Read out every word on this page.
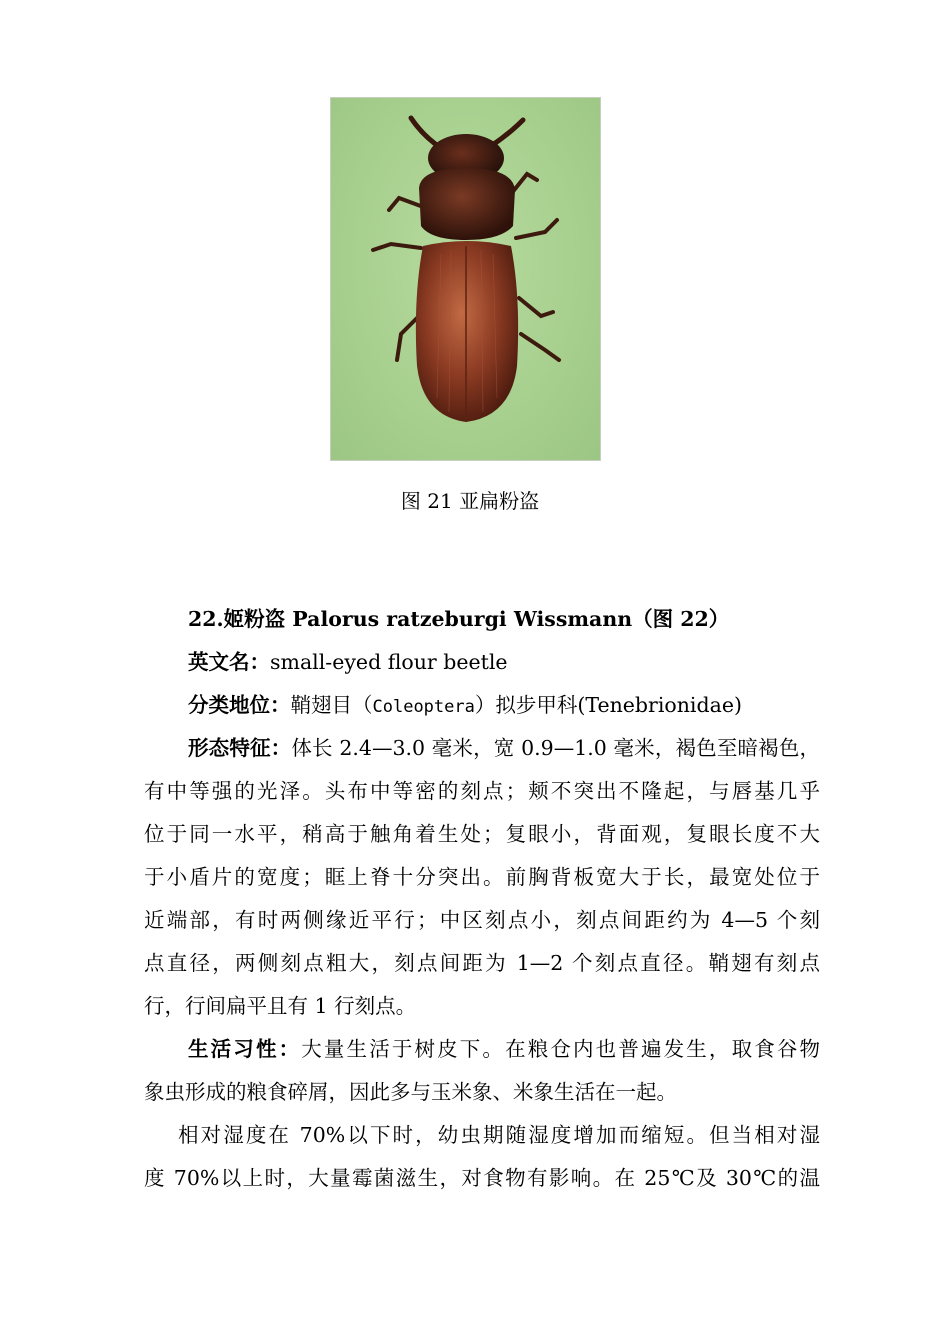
图 21 亚扁粉盗
22.姬粉盗 Palorus ratzeburgi Wissmann（图 22）
英文名：small-eyed flour beetle
分类地位：鞘翅目（Coleoptera）拟步甲科(Tenebrionidae)
形态特征：体长 2.4—3.0 毫米，宽 0.9—1.0 毫米，褐色至暗褐色，
有中等强的光泽。头布中等密的刻点；颊不突出不隆起，与唇基几乎
位于同一水平，稍高于触角着生处；复眼小，背面观，复眼长度不大
于小盾片的宽度；眶上脊十分突出。前胸背板宽大于长，最宽处位于
近端部，有时两侧缘近平行；中区刻点小，刻点间距约为 4—5 个刻
点直径，两侧刻点粗大，刻点间距为 1—2 个刻点直径。鞘翅有刻点
行，行间扁平且有 1 行刻点。
生活习性：大量生活于树皮下。在粮仓内也普遍发生，取食谷物
象虫形成的粮食碎屑，因此多与玉米象、米象生活在一起。
相对湿度在 70%以下时，幼虫期随湿度增加而缩短。但当相对湿
度 70%以上时，大量霉菌滋生，对食物有影响。在 25℃及 30℃的温
